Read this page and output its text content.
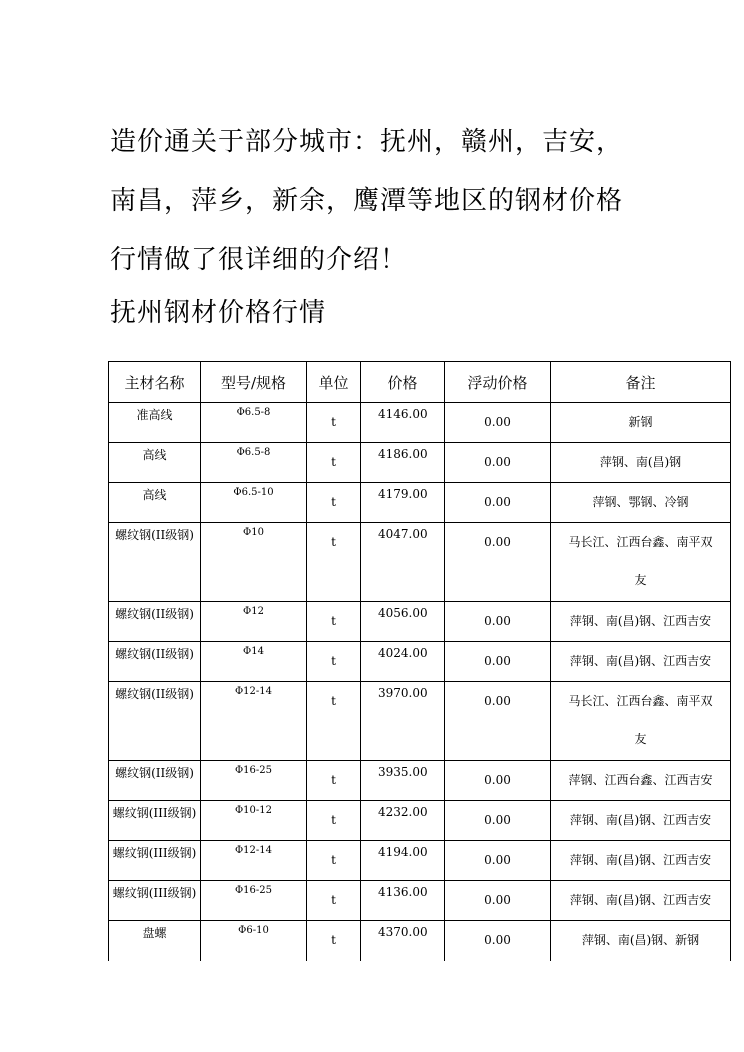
造价通关于部分城市：抚州，赣州，吉安，
南昌，萍乡，新余，鹰潭等地区的钢材价格
行情做了很详细的介绍！
抚州钢材价格行情
主材名称	型号/规格	单位	价格	浮动价格	备注
准高线	Φ6.5-8	t	4146.00	0.00	新钢

高线	Φ6.5-8	t	4186.00	0.00	萍钢、南(昌)钢

高线	Φ6.5-10	t	4179.00	0.00	萍钢、鄂钢、冷钢

螺纹钢(II级钢)	Φ10	t	4047.00	0.00	马长江、江西台鑫、南平双
友

螺纹钢(II级钢)	Φ12	t	4056.00	0.00	萍钢、南(昌)钢、江西吉安

螺纹钢(II级钢)	Φ14	t	4024.00	0.00	萍钢、南(昌)钢、江西吉安

螺纹钢(II级钢)	Φ12-14	t	3970.00	0.00	马长江、江西台鑫、南平双
友

螺纹钢(II级钢)	Φ16-25	t	3935.00	0.00	萍钢、江西台鑫、江西吉安

螺纹钢(III级钢)	Φ10-12	t	4232.00	0.00	萍钢、南(昌)钢、江西吉安

螺纹钢(III级钢)	Φ12-14	t	4194.00	0.00	萍钢、南(昌)钢、江西吉安

螺纹钢(III级钢)	Φ16-25	t	4136.00	0.00	萍钢、南(昌)钢、江西吉安

盘螺	Φ6-10	t	4370.00	0.00	萍钢、南(昌)钢、新钢
